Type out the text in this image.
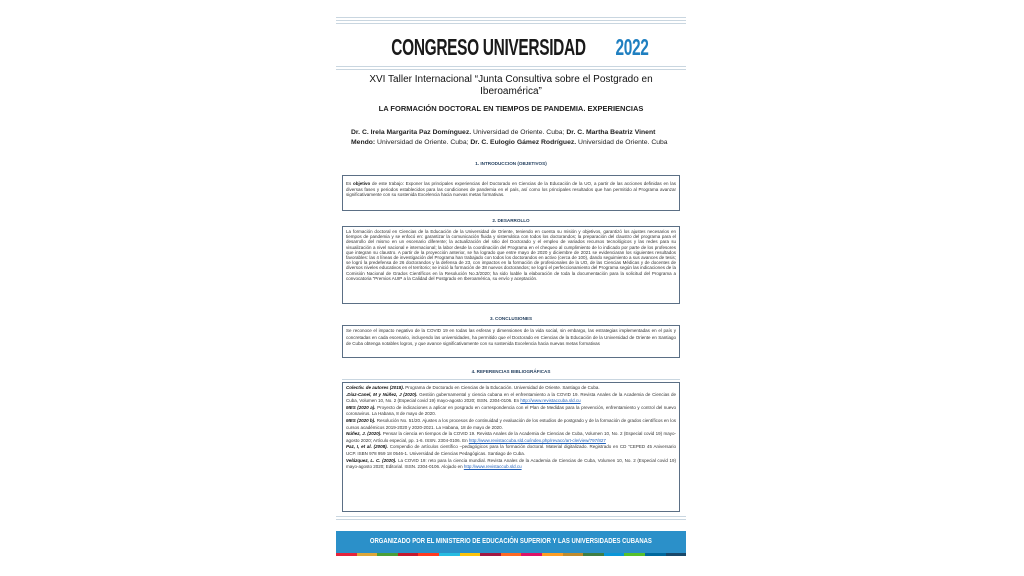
CONGRESO UNIVERSIDAD 2022
XVI Taller Internacional “Junta Consultiva sobre el Postgrado en Iberoamérica”
LA FORMACIÓN DOCTORAL EN TIEMPOS DE PANDEMIA. EXPERIENCIAS
Dr. C. Irela Margarita Paz Domínguez. Universidad de Oriente. Cuba; Dr. C. Martha Beatriz Vinent Mendo: Universidad de Oriente. Cuba; Dr. C. Eulogio Gámez Rodríguez. Universidad de Oriente. Cuba
1. INTRODUCCION (OBJETIVOS)
Es objetivo de este trabajo: Exponer las principales experiencias del Doctorado en Ciencias de la Educación de la UO, a partir de las acciones definidas en las diversas fases y periodos establecidos para las condiciones de pandemia en el país, así como los principales resultados que han permitido al Programa avanzar significativamente con su sostenida Excelencia hacia nuevas metas formativas.
2. DESARROLLO
La formación doctoral en Ciencias de la Educación de la Universidad de Oriente, teniendo en cuenta su misión y objetivos, garantizó los ajustes necesarios en tiempos de pandemia y se enfocó en: garantizar la comunicación fluida y sistemática con todos los doctorandos; la preparación del claustro del programa para el desarrollo del mismo en un escenario diferente; la actualización del sitio del Doctorado y el empleo de variados recursos tecnológicos y las redes para su visualización a nivel nacional e internacional; la labor desde la coordinación del Programa en el chequeo al cumplimiento de lo indicado por parte de los profesores que integran su claustro. A partir de la proyección anterior, se ha logrado que entre mayo de 2020 y diciembre de 2021 se evidenciaran los siguientes resultados favorables: las 4 líneas de investigación del Programa han trabajado con todos los doctorandos en activo (cerca de 100), dando seguimiento a sus avances de tesis; se logró la predefensa de 26 doctorandos y la defensa de 23, con impactos en la formación de profesionales de la UO, de las Ciencias Médicas y de docentes de diversos niveles educativos en el territorio; se inició la formación de 38 nuevos doctorandos; se logró el perfeccionamiento del Programa según las indicaciones de la Comisión Nacional de Grados Científicos en la Resolución No.3/2020; ha sido loable la elaboración de toda la documentación para la solicitud del Programa a convocatoria “Premios AUIP a la Calidad del Postgrado en Iberoamérica, su envío y aceptación.
3. CONCLUSIONES
Se reconoce el impacto negativo de la COVID 19 en todas las esferas y dimensiones de la vida social, sin embargo, las estrategias implementadas en el país y concretadas en cada escenario, incluyendo las universidades, ha permitido que el Doctorado en Ciencias de la Educación de la Universidad de Oriente en Santiago de Cuba obtenga notables logros, y que avance significativamente con su sostenida Excelencia hacia nuevas metas formativas
4. REFERENCIAS BIBLIOGRÁFICAS

Colectiv. de autores (2018). Programa de Doctorado en Ciencias de la Educación. Universidad de Oriente. Santiago de Cuba.

.Díaz-Canel, M y Núñez, J (2020). Gestión gubernamental y ciencia cubana en el enfrentamiento a la COVID 19. Revista Anales de la Academia de Ciencias de Cuba, Volumen 10, No. 2 (Especial covid 19) mayo-agosto 2020; ISSN. 2304-0106. En http://www.revistaccuba.sld.cu

MES (2020 a). Proyecto de indicaciones a aplicar en posgrado en correspondencia con el Plan de Medidas para la prevención, enfrentamiento y control del nuevo coronavirus. La Habana, 8 de mayo de 2020.

MES (2020 b). Resolución No. 51/20. Ajustes a los procesos de continuidad y evaluación de los estudios de postgrado y de la formación de grados científicos en los cursos académicos 2019-2020 y 2020-2021. La Habana, 18 de mayo de 2020.

Núñez, J. (2020). Pensar la ciencia en tiempos de la COVID 19. Revista Anales de la Academia de Ciencias de Cuba, Volumen 10, No. 2 (Especial covid 19) mayo-agosto 2020; Artículo especial, pp. 1-6. ISSN. 2304-0106. En http://www.revistaccuba.sld.cu/index.php/revacc/art-cle/view/797/827

Paz, I, et al. (2008). Compendio de artículos científico –pedagógicos para la formación doctoral. Material digitalizado. Registrado en CD “CEPED 45 Aniversario UCP. ISBN 978 959 18 0546-1. Universidad de Ciencias Pedagógicas. Santiago de Cuba.

Velázquez, L. C. (2020). La COVID 19: reto para la ciencia mundial. Revista Anales de la Academia de Ciencias de Cuba, Volumen 10, No. 2 (Especial covid 19) mayo-agosto 2020; Editorial. ISSN. 2304-0106. Alojado en http://www.revistaccub.sld.cu

ORGANIZADO POR EL MINISTERIO DE EDUCACIÓN SUPERIOR Y LAS UNIVERSIDADES CUBANAS
